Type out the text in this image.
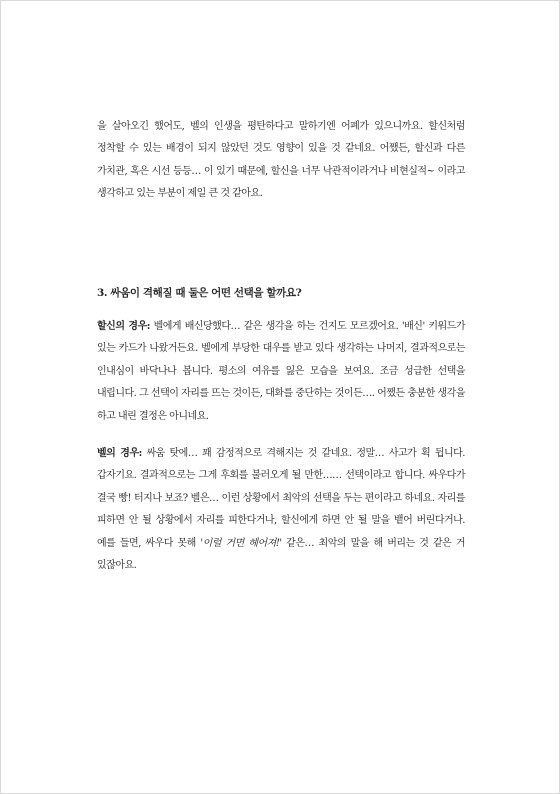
을 살아오긴 했어도, 벨의 인생을 평탄하다고 말하기엔 어폐가 있으니까요. 할신처럼 정착할 수 있는 배경이 되지 않았던 것도 영향이 있을 것 같네요. 어쨌든, 할신과 다른 가치관, 혹은 시선 등등… 이 있기 때문에, 할신을 너무 낙관적이라거나 비현실적~ 이라고 생각하고 있는 부분이 제일 큰 것 같아요.

3. 싸움이 격해질 때 둘은 어떤 선택을 할까요?

할신의 경우: 벨에게 배신당했다… 같은 생각을 하는 건지도 모르겠어요. '배신' 키워드가 있는 카드가 나왔거든요. 벨에게 부당한 대우를 받고 있다 생각하는 나머지, 결과적으로는 인내심이 바닥나나 봅니다. 평소의 여유를 잃은 모습을 보여요. 조금 성급한 선택을 내립니다. 그 선택이 자리를 뜨는 것이든, 대화를 중단하는 것이든…. 어쨌든 충분한 생각을 하고 내린 결정은 아니네요.

벨의 경우: 싸움 탓에… 꽤 감정적으로 격해지는 것 같네요. 정말… 사고가 획 뒵니다. 갑자기요. 결과적으로는 그게 후회를 불러오게 될 만한…… 선택이라고 합니다. 싸우다가 결국 빵! 터지나 보죠? 벨은… 이런 상황에서 최악의 선택을 두는 편이라고 하네요. 자리를 피하면 안 될 상황에서 자리를 피한다거나, 할신에게 하면 안 될 말을 뱉어 버린다거나. 예를 들면, 싸우다 못해 '이럴 거면 헤어져!' 같은… 최악의 말을 해 버리는 것 같은 거 있잖아요.
